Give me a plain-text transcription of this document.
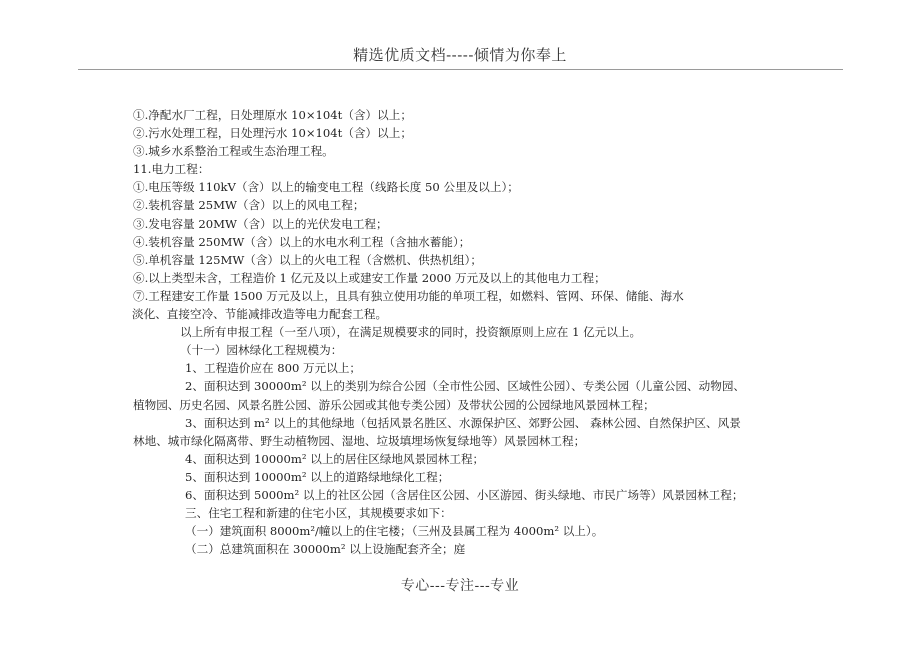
精选优质文档-----倾情为你奉上
①.净配水厂工程，日处理原水 10×104t（含）以上；
②.污水处理工程，日处理污水 10×104t（含）以上；
③.城乡水系整治工程或生态治理工程。
11.电力工程：
①.电压等级 110kV（含）以上的输变电工程（线路长度 50 公里及以上）；
②.装机容量 25MW（含）以上的风电工程；
③.发电容量 20MW（含）以上的光伏发电工程；
④.装机容量 250MW（含）以上的水电水利工程（含抽水蓄能）；
⑤.单机容量 125MW（含）以上的火电工程（含燃机、供热机组）；
⑥.以上类型未含，工程造价 1 亿元及以上或建安工作量 2000 万元及以上的其他电力工程；
⑦.工程建安工作量 1500 万元及以上，且具有独立使用功能的单项工程，如燃料、管网、环保、储能、海水
淡化、直接空冷、节能减排改造等电力配套工程。
以上所有申报工程（一至八项），在满足规模要求的同时，投资额原则上应在 1 亿元以上。
（十一）园林绿化工程规模为：
1、工程造价应在 800 万元以上；
2、面积达到 30000m² 以上的类别为综合公园（全市性公园、区域性公园）、专类公园（儿童公园、动物园、
植物园、历史名园、风景名胜公园、游乐公园或其他专类公园）及带状公园的公园绿地风景园林工程；
3、面积达到 m² 以上的其他绿地（包括风景名胜区、水源保护区、郊野公园、 森林公园、自然保护区、风景
林地、城市绿化隔离带、野生动植物园、湿地、垃圾填埋场恢复绿地等）风景园林工程；
4、面积达到 10000m² 以上的居住区绿地风景园林工程；
5、面积达到 10000m² 以上的道路绿地绿化工程；
6、面积达到 5000m² 以上的社区公园（含居住区公园、小区游园、街头绿地、市民广场等）风景园林工程；
三、住宅工程和新建的住宅小区，其规模要求如下：
（一）建筑面积 8000m²/幢以上的住宅楼；（三州及县属工程为 4000m² 以上）。
（二）总建筑面积在 30000m² 以上设施配套齐全；庭
专心---专注---专业
